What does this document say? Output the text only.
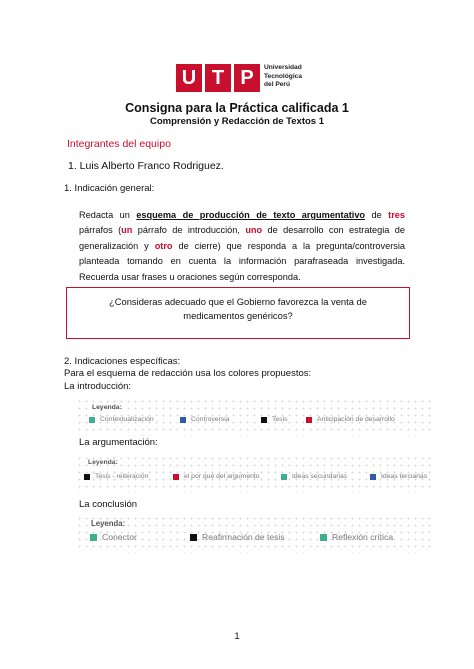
U T P	Universidad
Tecnológica
del Perú
Consigna para la Práctica calificada 1
Comprensión y Redacción de Textos 1
Integrantes del equipo
1. Luis Alberto Franco Rodriguez.
1. Indicación general:
Redacta un esquema de producción de texto argumentativo de tres párrafos (un párrafo de introducción, uno de desarrollo con estrategia de generalización y otro de cierre) que responda a la pregunta/controversia planteada tomando en cuenta la información parafraseada investigada. Recuerda usar frases u oraciones según corresponda.
¿Consideras adecuado que el Gobierno favorezca la venta de medicamentos genéricos?
2. Indicaciones específicas:
Para el esquema de redacción usa los colores propuestos:
La introducción:
Leyenda:
Contextualización	Controversia	Tesis	Anticipación de desarrollo
La argumentación:
Leyenda:
Tesis - reiteración	el por qué del argumento	Ideas secundarias	Ideas terciarias
La conclusión
Leyenda:
Conector	Reafirmación de tesis	Reflexión crítica
1
